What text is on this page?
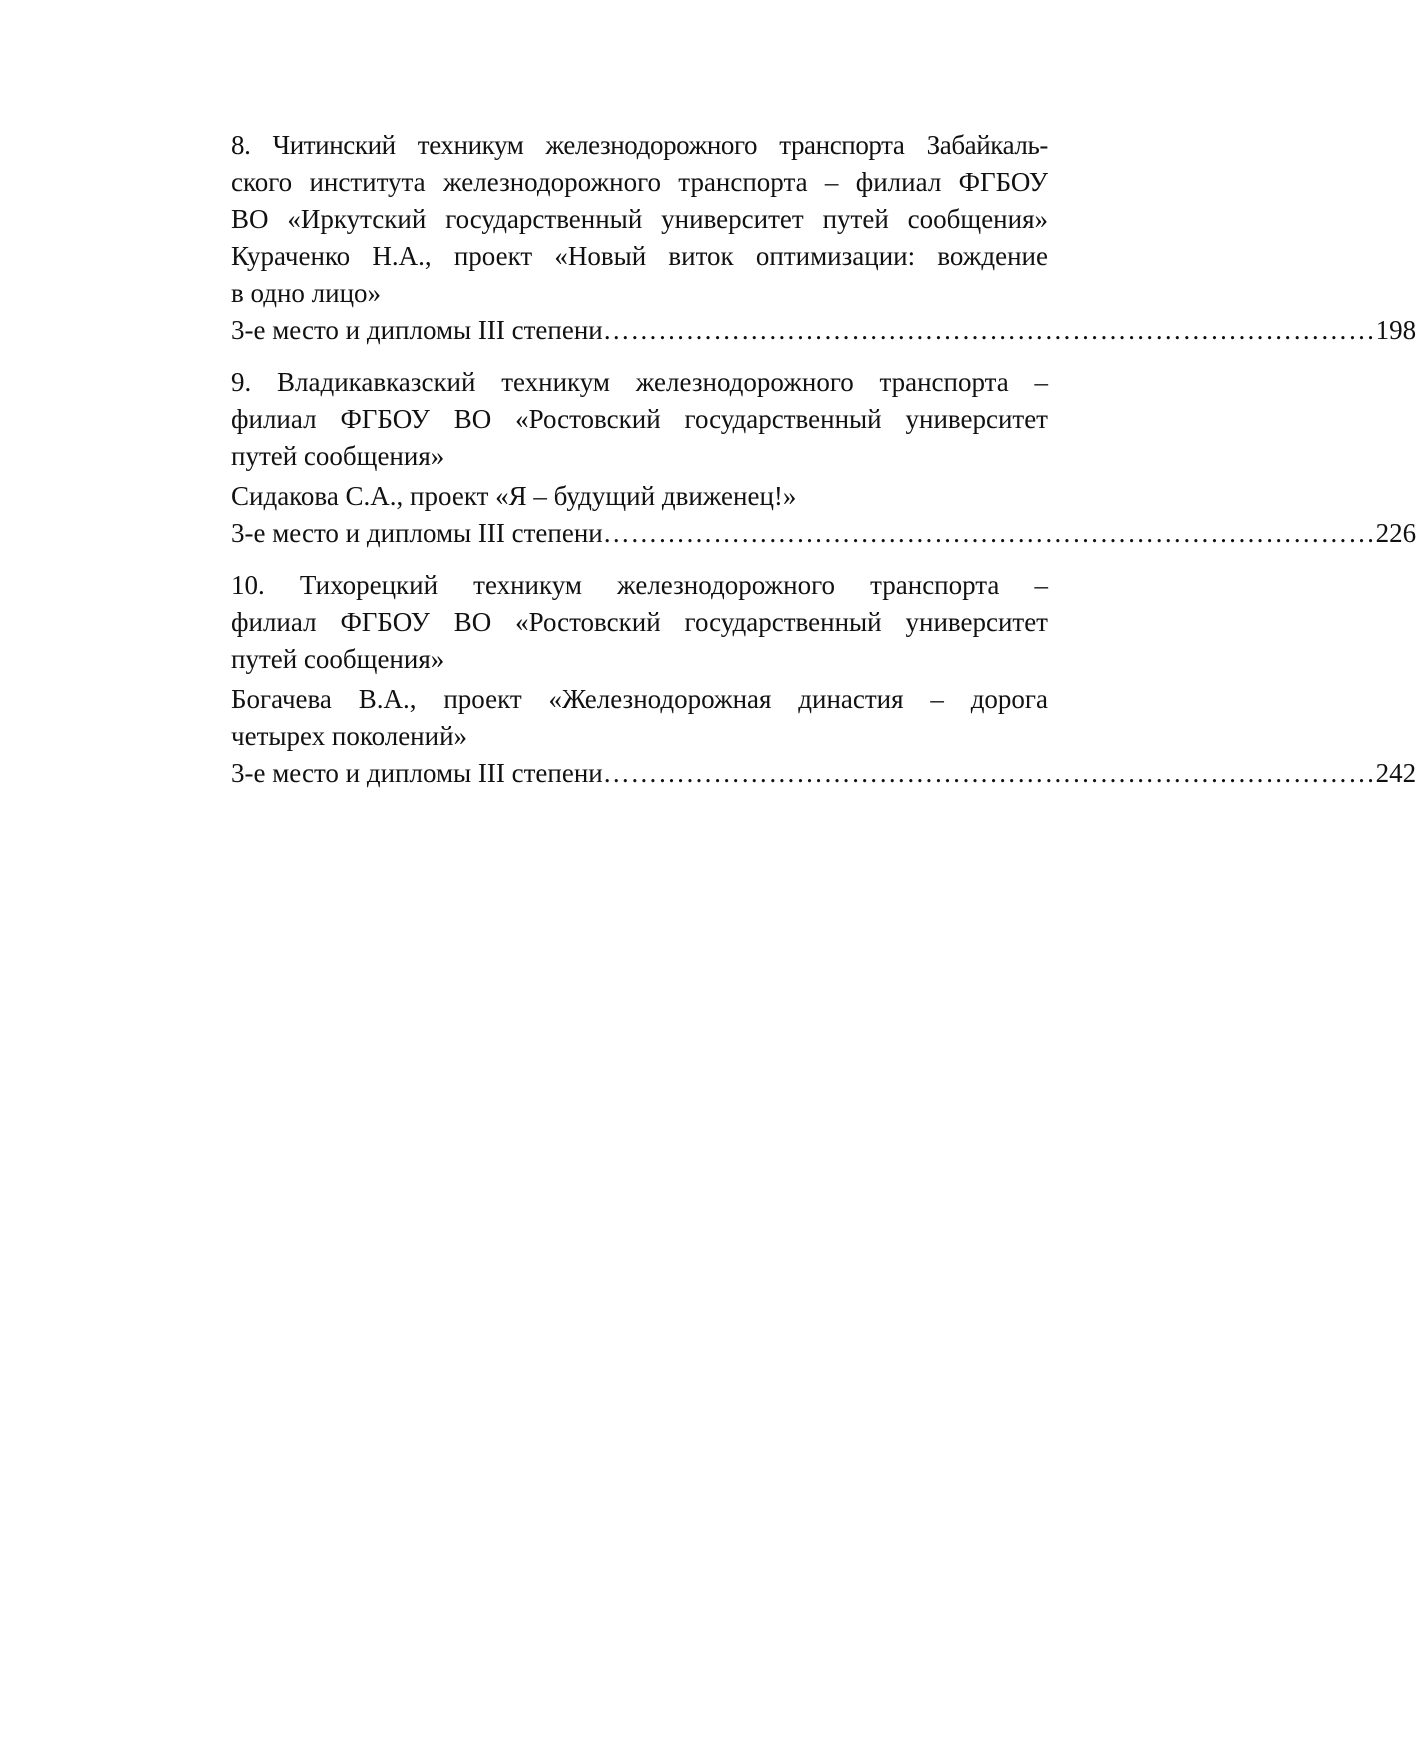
8. Читинский техникум железнодорожного транспорта Забайкаль-
ского института железнодорожного транспорта – филиал ФГБОУ
ВО «Иркутский государственный университет путей сообщения»
Кураченко Н.А., проект «Новый виток оптимизации: вождение
в одно лицо»
3-е место и дипломы III степени ………………………………………………………………………… 198
9. Владикавказский техникум железнодорожного транспорта –
филиал ФГБОУ ВО «Ростовский государственный университет
путей сообщения»
Сидакова С.А., проект «Я – будущий движенец!»
3-е место и дипломы III степени ………………………………………………………………………… 226
10. Тихорецкий техникум железнодорожного транспорта –
филиал ФГБОУ ВО «Ростовский государственный университет
путей сообщения»
Богачева В.А., проект «Железнодорожная династия – дорога
четырех поколений»
3-е место и дипломы III степени ………………………………………………………………………… 242
